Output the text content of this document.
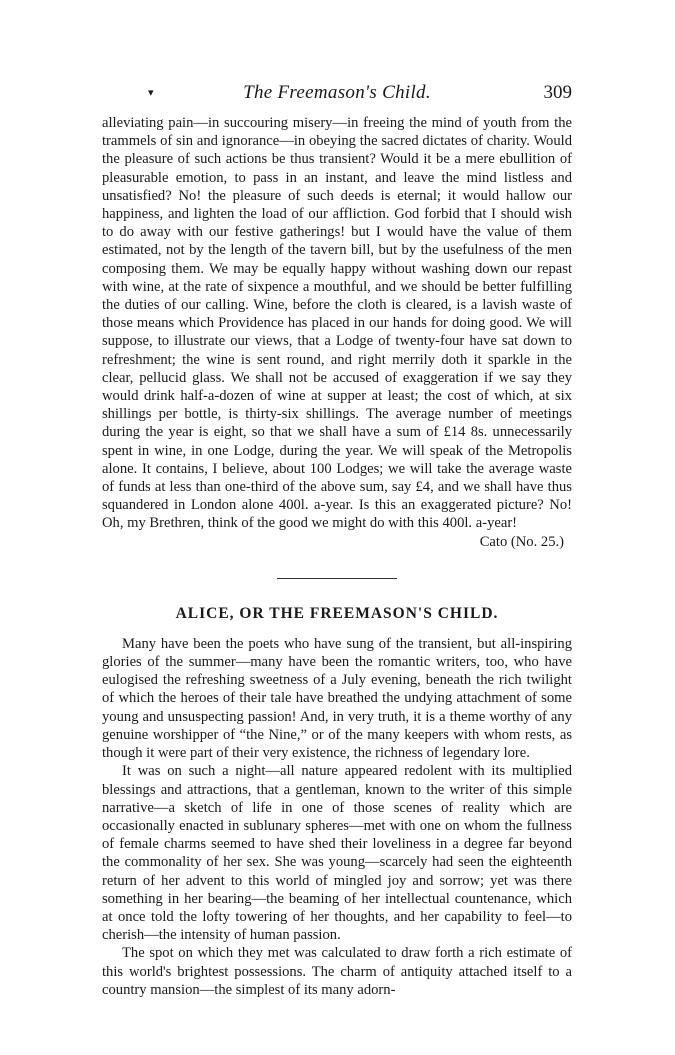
▾	The Freemason's Child.	309

alleviating pain—in succouring misery—in freeing the mind of youth from the trammels of sin and ignorance—in obeying the sacred dictates of charity. Would the pleasure of such actions be thus transient? Would it be a mere ebullition of pleasurable emotion, to pass in an instant, and leave the mind listless and unsatisfied? No! the pleasure of such deeds is eternal; it would hallow our happiness, and lighten the load of our affliction. God forbid that I should wish to do away with our festive gatherings! but I would have the value of them estimated, not by the length of the tavern bill, but by the usefulness of the men composing them. We may be equally happy without washing down our repast with wine, at the rate of sixpence a mouthful, and we should be better fulfilling the duties of our calling. Wine, before the cloth is cleared, is a lavish waste of those means which Providence has placed in our hands for doing good. We will suppose, to illustrate our views, that a Lodge of twenty-four have sat down to refreshment; the wine is sent round, and right merrily doth it sparkle in the clear, pellucid glass. We shall not be accused of exaggeration if we say they would drink half-a-dozen of wine at supper at least; the cost of which, at six shillings per bottle, is thirty-six shillings. The average number of meetings during the year is eight, so that we shall have a sum of £14 8s. unnecessarily spent in wine, in one Lodge, during the year. We will speak of the Metropolis alone. It contains, I believe, about 100 Lodges; we will take the average waste of funds at less than one-third of the above sum, say £4, and we shall have thus squandered in London alone 400l. a-year. Is this an exaggerated picture? No! Oh, my Brethren, think of the good we might do with this 400l. a-year!

Cato (No. 25.)

ALICE, OR THE FREEMASON'S CHILD.

Many have been the poets who have sung of the transient, but all-inspiring glories of the summer—many have been the romantic writers, too, who have eulogised the refreshing sweetness of a July evening, beneath the rich twilight of which the heroes of their tale have breathed the undying attachment of some young and unsuspecting passion! And, in very truth, it is a theme worthy of any genuine worshipper of “the Nine,” or of the many keepers with whom rests, as though it were part of their very existence, the richness of legendary lore.

It was on such a night—all nature appeared redolent with its multiplied blessings and attractions, that a gentleman, known to the writer of this simple narrative—a sketch of life in one of those scenes of reality which are occasionally enacted in sublunary spheres—met with one on whom the fullness of female charms seemed to have shed their loveliness in a degree far beyond the commonality of her sex. She was young—scarcely had seen the eighteenth return of her advent to this world of mingled joy and sorrow; yet was there something in her bearing—the beaming of her intellectual countenance, which at once told the lofty towering of her thoughts, and her capability to feel—to cherish—the intensity of human passion.

The spot on which they met was calculated to draw forth a rich estimate of this world's brightest possessions. The charm of antiquity attached itself to a country mansion—the simplest of its many adorn-
